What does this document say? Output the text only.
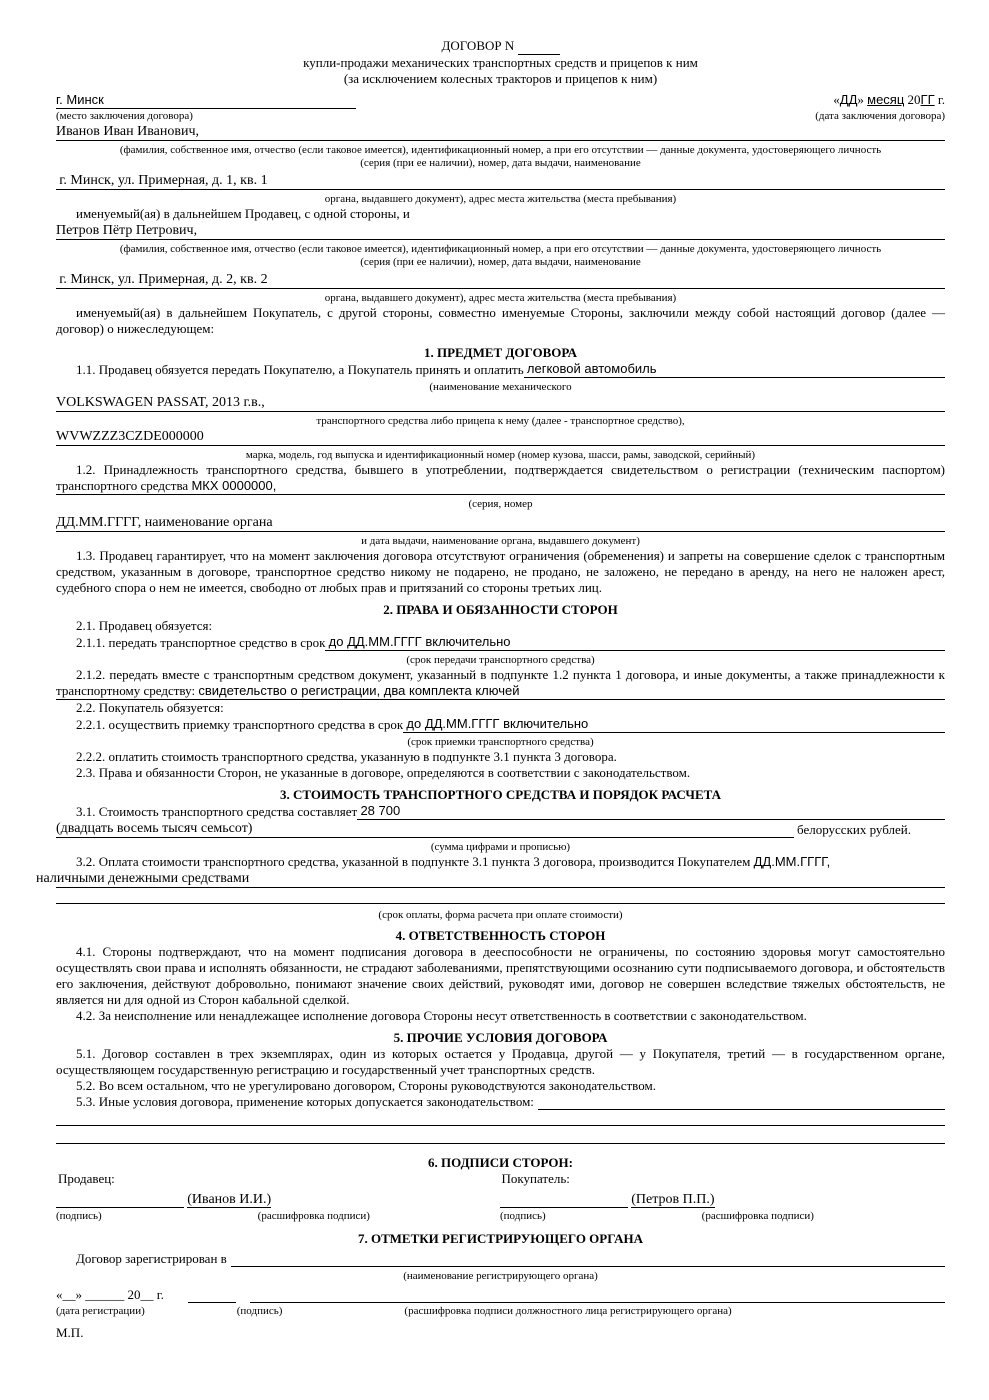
ДОГОВОР N
купли-продажи механических транспортных средств и прицепов к ним
(за исключением колесных тракторов и прицепов к ним)
г. Минск	«ДД» месяц 20ГГ г.
(место заключения договора)	(дата заключения договора)
Иванов Иван Иванович,
(фамилия, собственное имя, отчество (если таковое имеется), идентификационный номер, а при его отсутствии — данные документа, удостоверяющего личность
(серия (при ее наличии), номер, дата выдачи, наименование
г. Минск, ул. Примерная, д. 1, кв. 1
органа, выдавшего документ), адрес места жительства (места пребывания)
именуемый(ая) в дальнейшем Продавец, с одной стороны, и
Петров Пётр Петрович,
(фамилия, собственное имя, отчество (если таковое имеется), идентификационный номер, а при его отсутствии — данные документа, удостоверяющего личность
(серия (при ее наличии), номер, дата выдачи, наименование
г. Минск, ул. Примерная, д. 2, кв. 2
органа, выдавшего документ), адрес места жительства (места пребывания)
именуемый(ая) в дальнейшем Покупатель, с другой стороны, совместно именуемые Стороны, заключили между собой настоящий договор (далее — договор) о нижеследующем:
1. ПРЕДМЕТ ДОГОВОРА
1.1. Продавец обязуется передать Покупателю, а Покупатель принять и оплатить легковой автомобиль
(наименование механического
VOLKSWAGEN PASSAT, 2013 г.в.,
транспортного средства либо прицепа к нему (далее - транспортное средство),
WVWZZZ3CZDE000000
марка, модель, год выпуска и идентификационный номер (номер кузова, шасси, рамы, заводской, серийный)
1.2. Принадлежность транспортного средства, бывшего в употреблении, подтверждается свидетельством о регистрации (техническим паспортом) транспортного средства МКХ 0000000,
(серия, номер
ДД.ММ.ГГГГ, наименование органа
и дата выдачи, наименование органа, выдавшего документ)
1.3. Продавец гарантирует, что на момент заключения договора отсутствуют ограничения (обременения) и запреты на совершение сделок с транспортным средством, указанным в договоре, транспортное средство никому не подарено, не продано, не заложено, не передано в аренду, на него не наложен арест, судебного спора о нем не имеется, свободно от любых прав и притязаний со стороны третьих лиц.
2. ПРАВА И ОБЯЗАННОСТИ СТОРОН
2.1. Продавец обязуется:
2.1.1. передать транспортное средство в срок до ДД.ММ.ГГГГ включительно
(срок передачи транспортного средства)
2.1.2. передать вместе с транспортным средством документ, указанный в подпункте 1.2 пункта 1 договора, и иные документы, а также принадлежности к транспортному средству: свидетельство о регистрации, два комплекта ключей
2.2. Покупатель обязуется:
2.2.1. осуществить приемку транспортного средства в срок до ДД.ММ.ГГГГ включительно
(срок приемки транспортного средства)
2.2.2. оплатить стоимость транспортного средства, указанную в подпункте 3.1 пункта 3 договора.
2.3. Права и обязанности Сторон, не указанные в договоре, определяются в соответствии с законодательством.
3. СТОИМОСТЬ ТРАНСПОРТНОГО СРЕДСТВА И ПОРЯДОК РАСЧЕТА
3.1. Стоимость транспортного средства составляет 28 700
(двадцать восемь тысяч семьсот)	белорусских рублей.
(сумма цифрами и прописью)
3.2. Оплата стоимости транспортного средства, указанной в подпункте 3.1 пункта 3 договора, производится Покупателем ДД.ММ.ГГГГ,
наличными денежными средствами
(срок оплаты, форма расчета при оплате стоимости)
4. ОТВЕТСТВЕННОСТЬ СТОРОН
4.1. Стороны подтверждают, что на момент подписания договора в дееспособности не ограничены, по состоянию здоровья могут самостоятельно осуществлять свои права и исполнять обязанности, не страдают заболеваниями, препятствующими осознанию сути подписываемого договора, и обстоятельств его заключения, действуют добровольно, понимают значение своих действий, руководят ими, договор не совершен вследствие тяжелых обстоятельств, не является ни для одной из Сторон кабальной сделкой.
4.2. За неисполнение или ненадлежащее исполнение договора Стороны несут ответственность в соответствии с законодательством.
5. ПРОЧИЕ УСЛОВИЯ ДОГОВОРА
5.1. Договор составлен в трех экземплярах, один из которых остается у Продавца, другой — у Покупателя, третий — в государственном органе, осуществляющем государственную регистрацию и государственный учет транспортных средств.
5.2. Во всем остальном, что не урегулировано договором, Стороны руководствуются законодательством.
5.3. Иные условия договора, применение которых допускается законодательством:
6. ПОДПИСИ СТОРОН:
Продавец:	Покупатель:
(Иванов И.И.)	(Петров П.П.)
(подпись)	(расшифровка подписи)	(подпись)	(расшифровка подписи)
7. ОТМЕТКИ РЕГИСТРИРУЮЩЕГО ОРГАНА
Договор зарегистрирован в
(наименование регистрирующего органа)
«__» ______ 20__ г.

(дата регистрации)	(подпись)	(расшифровка подписи должностного лица регистрирующего органа)
М.П.
